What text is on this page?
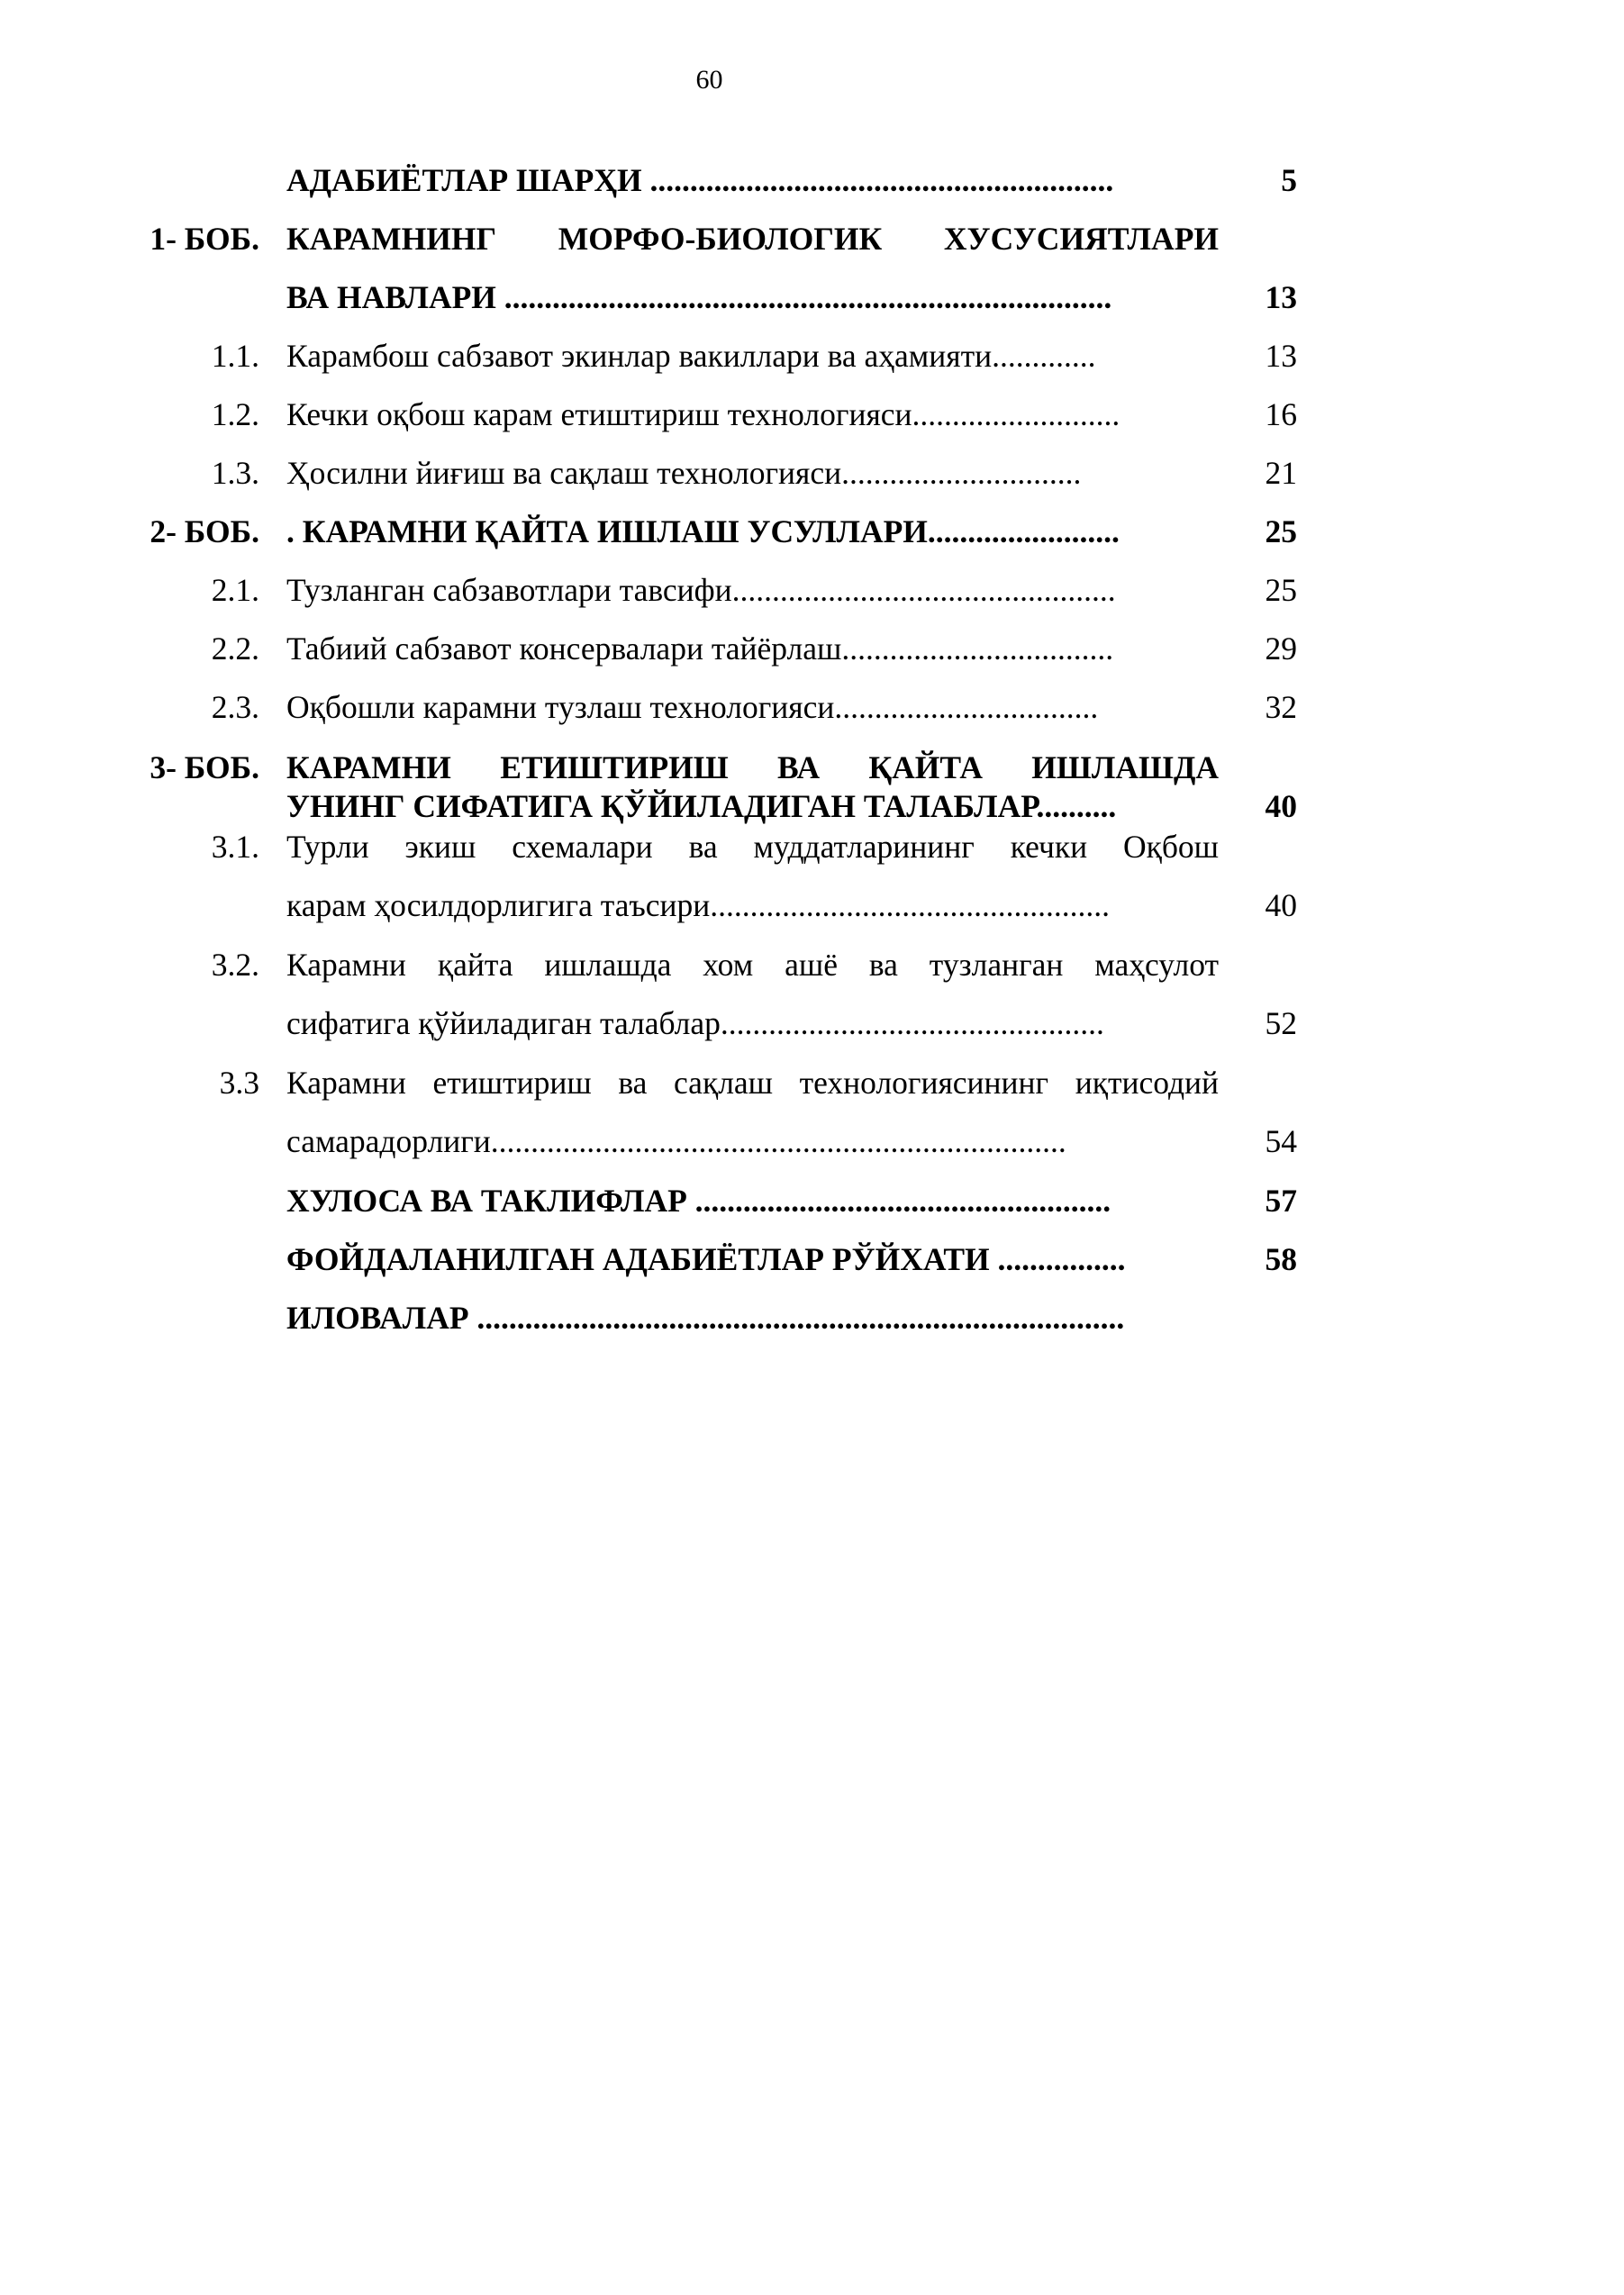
60
АДАБИЁТЛАР ШАРҲИ ..........................................................	5
1- БОБ. КАРАМНИНГ МОРФО-БИОЛОГИК ХУСУСИЯТЛАРИ
ВА НАВЛАРИ ............................................................................	13
1.1. Карамбош сабзавот экинлар вакиллари ва аҳамияти.............	13
1.2. Кечки оқбош карам етиштириш технологияси..........................	16
1.3. Ҳосилни йиғиш ва сақлаш технологияси..............................	21
2- БОБ. . КАРАМНИ ҚАЙТА ИШЛАШ УСУЛЛАРИ........................	25
2.1. Тузланган сабзавотлари тавсифи................................................	25
2.2. Табиий сабзавот консервалари тайёрлаш..................................	29
2.3. Оқбошли карамни тузлаш технологияси.................................	32
3- БОБ. КАРАМНИ ЕТИШТИРИШ ВА ҚАЙТА ИШЛАШДА
УНИНГ СИФАТИГА ҚЎЙИЛАДИГАН ТАЛАБЛАР..........	40
3.1. Турли экиш схемалари ва муддатларининг кечки Оқбош
карам ҳосилдорлигига таъсири..................................................	40
3.2. Карамни қайта ишлашда хом ашё ва тузланган маҳсулот
сифатига қўйиладиган талаблар................................................	52
3.3 Карамни етиштириш ва сақлаш технологиясининг иқтисодий
самарадорлиги........................................................................	54
ХУЛОСА ВА ТАКЛИФЛАР ....................................................	57
ФОЙДАЛАНИЛГАН АДАБИЁТЛАР РЎЙХАТИ ................	58
ИЛОВАЛАР .................................................................................
